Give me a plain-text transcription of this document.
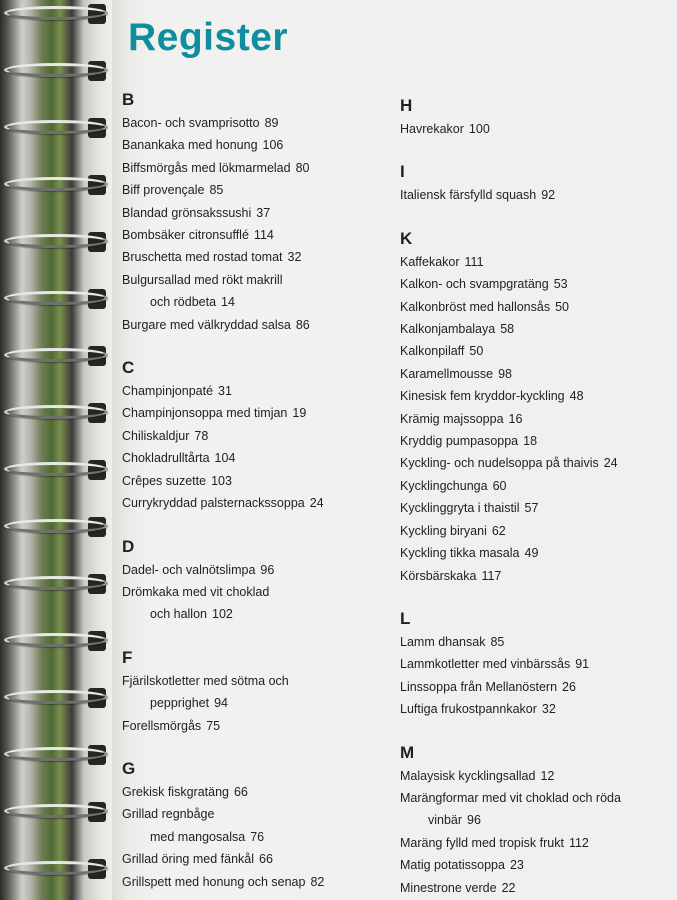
Register
B
Bacon- och svamprisotto 89
Banankaka med honung 106
Biffsmörgås med lökmarmelad 80
Biff provençale 85
Blandad grönsakssushi 37
Bombsäker citronsufflé 114
Bruschetta med rostad tomat 32
Bulgursallad med rökt makrill
och rödbeta 14
Burgare med välkryddad salsa 86
C
Champinjonpaté 31
Champinjonsoppa med timjan 19
Chiliskaldjur 78
Chokladrulltårta 104
Crêpes suzette 103
Currykryddad palsternackssoppa 24
D
Dadel- och valnötslimpa 96
Drömkaka med vit choklad
och hallon 102
F
Fjärilskotletter med sötma och
pepprighet 94
Forellsmörgås 75
G
Grekisk fiskgratäng 66
Grillad regnbåge
med mangosalsa 76
Grillad öring med fänkål 66
Grillspett med honung och senap 82
H
Havrekakor 100
I
Italiensk färsfylld squash 92
K
Kaffekakor 111
Kalkon- och svampgratäng 53
Kalkonbröst med hallonsås 50
Kalkonjambalaya 58
Kalkonpilaff 50
Karamellmousse 98
Kinesisk fem kryddor-kyckling 48
Krämig majssoppa 16
Kryddig pumpasoppa 18
Kyckling- och nudelsoppa på thaivis 24
Kycklingchunga 60
Kycklinggryta i thaistil 57
Kyckling biryani 62
Kyckling tikka masala 49
Körsbärskaka 117
L
Lamm dhansak 85
Lammkotletter med vinbärssås 91
Linssoppa från Mellanöstern 26
Luftiga frukostpannkakor 32
M
Malaysisk kycklingsallad 12
Marängformar med vit choklad och röda
vinbär 96
Maräng fylld med tropisk frukt 112
Matig potatissoppa 23
Minestrone verde 22
